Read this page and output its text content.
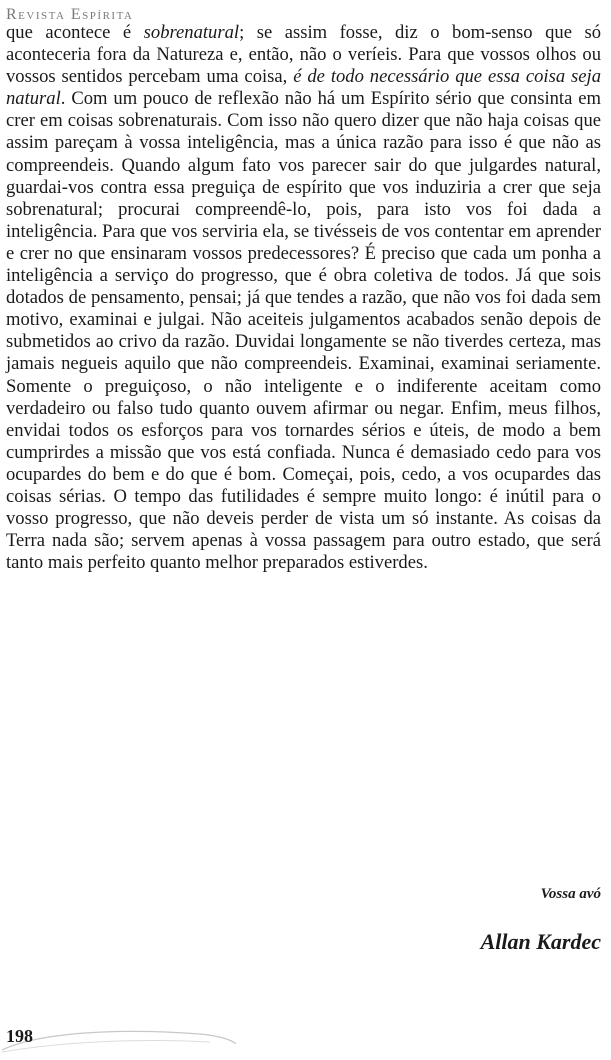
Revista Espírita

que acontece é sobrenatural; se assim fosse, diz o bom-senso que só aconteceria fora da Natureza e, então, não o veríeis. Para que vossos olhos ou vossos sentidos percebam uma coisa, é de todo necessário que essa coisa seja natural. Com um pouco de reflexão não há um Espírito sério que consinta em crer em coisas sobrenaturais. Com isso não quero dizer que não haja coisas que assim pareçam à vossa inteligência, mas a única razão para isso é que não as compreendeis. Quando algum fato vos parecer sair do que julgardes natural, guardai-vos contra essa preguiça de espírito que vos induziria a crer que seja sobrenatural; procurai compreendê-lo, pois, para isto vos foi dada a inteligência. Para que vos serviria ela, se tivésseis de vos contentar em aprender e crer no que ensinaram vossos predecessores? É preciso que cada um ponha a inteligência a serviço do progresso, que é obra coletiva de todos. Já que sois dotados de pensamento, pensai; já que tendes a razão, que não vos foi dada sem motivo, examinai e julgai. Não aceiteis julgamentos acabados senão depois de submetidos ao crivo da razão. Duvidai longamente se não tiverdes certeza, mas jamais negueis aquilo que não compreendeis. Examinai, examinai seriamente. Somente o preguiçoso, o não inteligente e o indiferente aceitam como verdadeiro ou falso tudo quanto ouvem afirmar ou negar. Enfim, meus filhos, envidai todos os esforços para vos tornardes sérios e úteis, de modo a bem cumprirdes a missão que vos está confiada. Nunca é demasiado cedo para vos ocupardes do bem e do que é bom. Começai, pois, cedo, a vos ocupardes das coisas sérias. O tempo das futilidades é sempre muito longo: é inútil para o vosso progresso, que não deveis perder de vista um só instante. As coisas da Terra nada são; servem apenas à vossa passagem para outro estado, que será tanto mais perfeito quanto melhor preparados estiverdes.

Vossa avó

Allan Kardec

198
